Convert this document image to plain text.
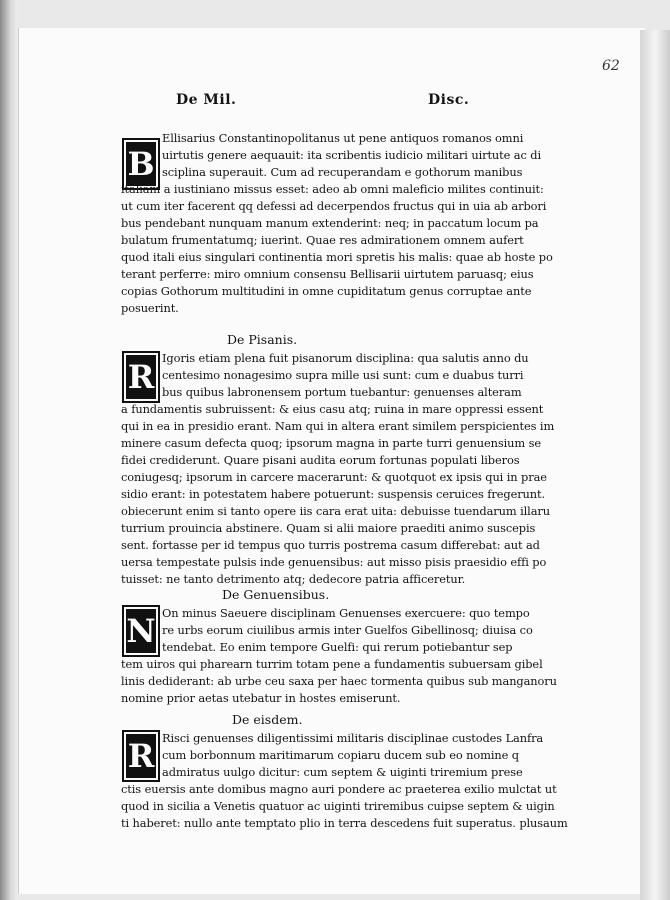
62
De Mil.	Disc.
B
Ellisarius Constantinopolitanus ut pene antiquos romanos omni
uirtutis genere aequauit: ita scribentis iudicio militari uirtute ac di
sciplina superauit. Cum ad recuperandam e gothorum manibus
italiam a iustiniano missus esset: adeo ab omni maleficio milites continuit:
ut cum iter facerent qq defessi ad decerpendos fructus qui in uia ab arbori
bus pendebant nunquam manum extenderint: neq; in paccatum locum pa
bulatum frumentatumq; iuerint. Quae res admirationem omnem aufert
quod itali eius singulari continentia mori spretis his malis: quae ab hoste po
terant perferre: miro omnium consensu Bellisarii uirtutem paruasq; eius
copias Gothorum multitudini in omne cupiditatum genus corruptae ante
posuerint.
De Pisanis.
R Igoris etiam plena fuit pisanorum disciplina: qua salutis anno du
centesimo nonagesimo supra mille usi sunt: cum e duabus turri
bus quibus labronensem portum tuebantur: genuenses alteram
a fundamentis subruissent: & eius casu atq; ruina in mare oppressi essent
qui in ea in presidio erant. Nam qui in altera erant similem perspicientes im
minere casum defecta quoq; ipsorum magna in parte turri genuensium se
fidei crediderunt. Quare pisani audita eorum fortunas populati liberos
coniugesq; ipsorum in carcere macerarunt: & quotquot ex ipsis qui in prae
sidio erant: in potestatem habere potuerunt: suspensis ceruices fregerunt.
obiecerunt enim si tanto opere iis cara erat uita: debuisse tuendarum illaru
turrium prouincia abstinere. Quam si alii maiore praediti animo suscepis
sent. fortasse per id tempus quo turris postrema casum differebat: aut ad
uersa tempestate pulsis inde genuensibus: aut misso pisis praesidio effi po
tuisset: ne tanto detrimento atq; dedecore patria afficeretur.
De Genuensibus.
N On minus Saeuere disciplinam Genuenses exercuere: quo tempo
re urbs eorum ciuilibus armis inter Guelfos Gibellinosq; diuisa co
tendebat. Eo enim tempore Guelfi: qui rerum potiebantur sep
tem uiros qui pharearn turrim totam pene a fundamentis subuersam gibel
linis dediderant: ab urbe ceu saxa per haec tormenta quibus sub manganoru
nomine prior aetas utebatur in hostes emiserunt.
De eisdem.
R Risci genuenses diligentissimi militaris disciplinae custodes Lanfra
cum borbonnum maritimarum copiaru ducem sub eo nomine q
admiratus uulgo dicitur: cum septem & uiginti triremium prese
ctis euersis ante domibus magno auri pondere ac praeterea exilio mulctat ut
quod in sicilia a Venetis quatuor ac uiginti triremibus cuipse septem & uigin
ti haberet: nullo ante temptato plio in terra descedens fuit superatus. plusaum
